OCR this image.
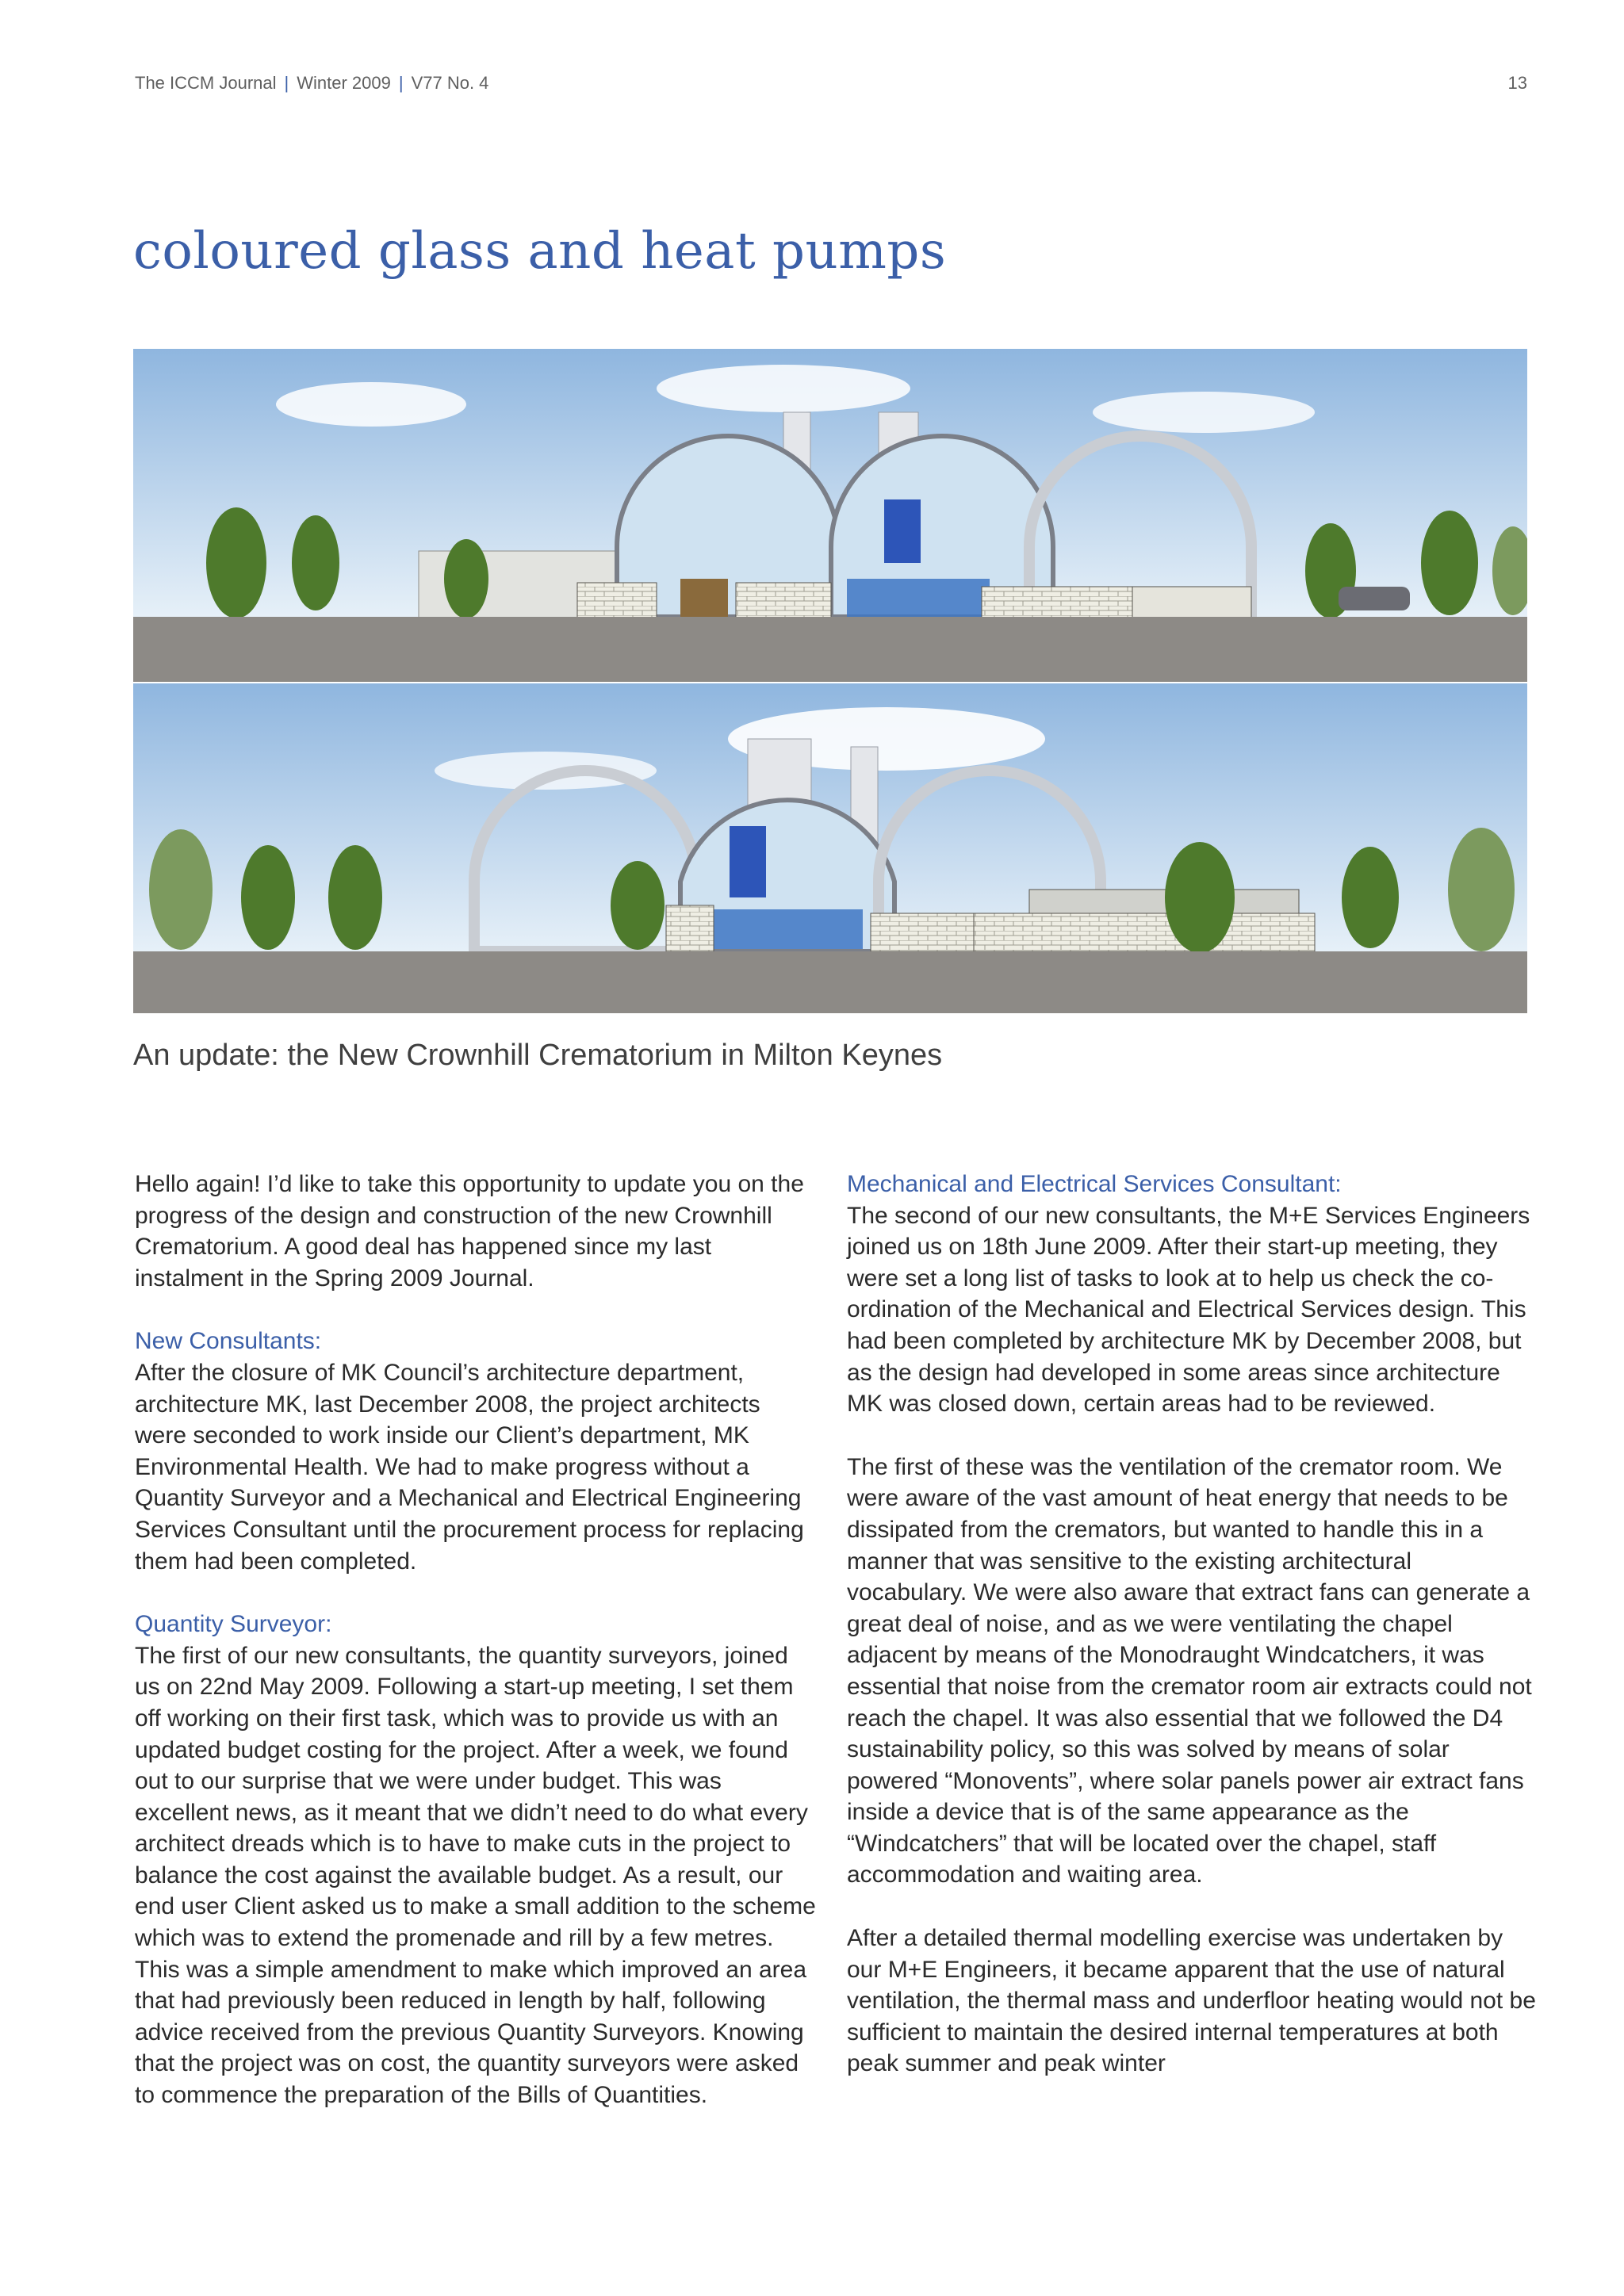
The ICCM Journal | Winter 2009 | V77 No. 4	13
coloured glass and heat pumps
An update: the New Crownhill Crematorium in Milton Keynes

Hello again! I’d like to take this opportunity to update you on the progress of the design and construction of the new Crownhill Crematorium. A good deal has happened since my last instalment in the Spring 2009 Journal.

New Consultants:

After the closure of MK Council’s architecture department, architecture MK, last December 2008, the project architects were seconded to work inside our Client’s department, MK Environmental Health. We had to make progress without a Quantity Surveyor and a Mechanical and Electrical Engineering Services Consultant until the procurement process for replacing them had been completed.

Quantity Surveyor:

The first of our new consultants, the quantity surveyors, joined us on 22nd May 2009. Following a start-up meeting, I set them off working on their first task, which was to provide us with an updated budget costing for the project. After a week, we found out to our surprise that we were under budget. This was excellent news, as it meant that we didn’t need to do what every architect dreads which is to have to make cuts in the project to balance the cost against the available budget. As a result, our end user Client asked us to make a small addition to the scheme which was to extend the promenade and rill by a few metres. This was a simple amendment to make which improved an area that had previously been reduced in length by half, following advice received from the previous Quantity Surveyors. Knowing that the project was on cost, the quantity surveyors were asked to commence the preparation of the Bills of Quantities.

Mechanical and Electrical Services Consultant:

The second of our new consultants, the M+E Services Engineers joined us on 18th June 2009. After their start-up meeting, they were set a long list of tasks to look at to help us check the co-ordination of the Mechanical and Electrical Services design. This had been completed by architecture MK by December 2008, but as the design had developed in some areas since architecture MK was closed down, certain areas had to be reviewed.

The first of these was the ventilation of the cremator room. We were aware of the vast amount of heat energy that needs to be dissipated from the cremators, but wanted to handle this in a manner that was sensitive to the existing architectural vocabulary. We were also aware that extract fans can generate a great deal of noise, and as we were ventilating the chapel adjacent by means of the Monodraught Windcatchers, it was essential that noise from the cremator room air extracts could not reach the chapel. It was also essential that we followed the D4 sustainability policy, so this was solved by means of solar powered “Monovents”, where solar panels power air extract fans inside a device that is of the same appearance as the “Windcatchers” that will be located over the chapel, staff accommodation and waiting area.

After a detailed thermal modelling exercise was undertaken by our M+E Engineers, it became apparent that the use of natural ventilation, the thermal mass and underfloor heating would not be sufficient to maintain the desired internal temperatures at both peak summer and peak winter
